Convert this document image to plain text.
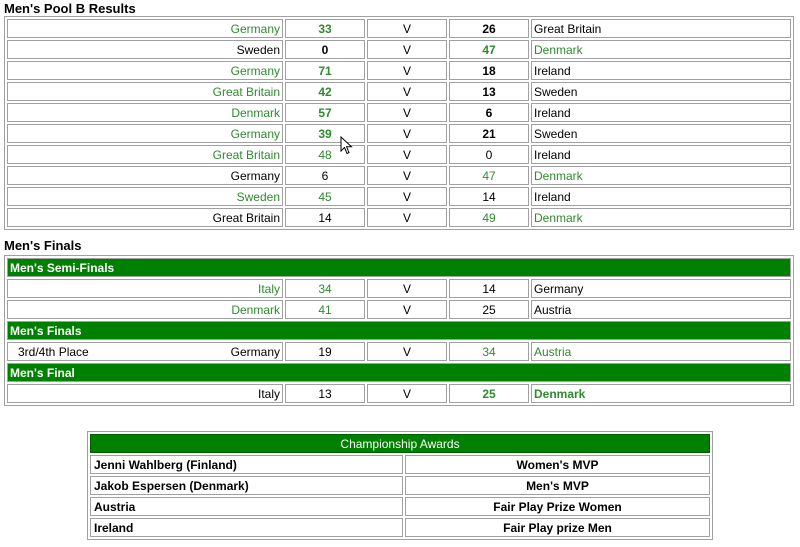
Men's Pool B Results
Germany	33	V	26	Great Britain
Sweden	0	V	47	Denmark
Germany	71	V	18	Ireland
Great Britain	42	V	13	Sweden
Denmark	57	V	6	Ireland
Germany	39	V	21	Sweden
Great Britain	48	V	0	Ireland
Germany	6	V	47	Denmark
Sweden	45	V	14	Ireland
Great Britain	14	V	49	Denmark
Men's Finals
Men's Semi-Finals				
Italy	34	V	14	Germany
Denmark	41	V	25	Austria
Men's Finals				

3rd/4th Place Germany	19	V	34	Austria
Men's Final				
Italy	13	V	25	Denmark
Championship Awards	
Jenni Wahlberg (Finland)	Women's MVP
Jakob Espersen (Denmark)	Men's MVP
Austria	Fair Play Prize Women
Ireland	Fair Play prize Men
